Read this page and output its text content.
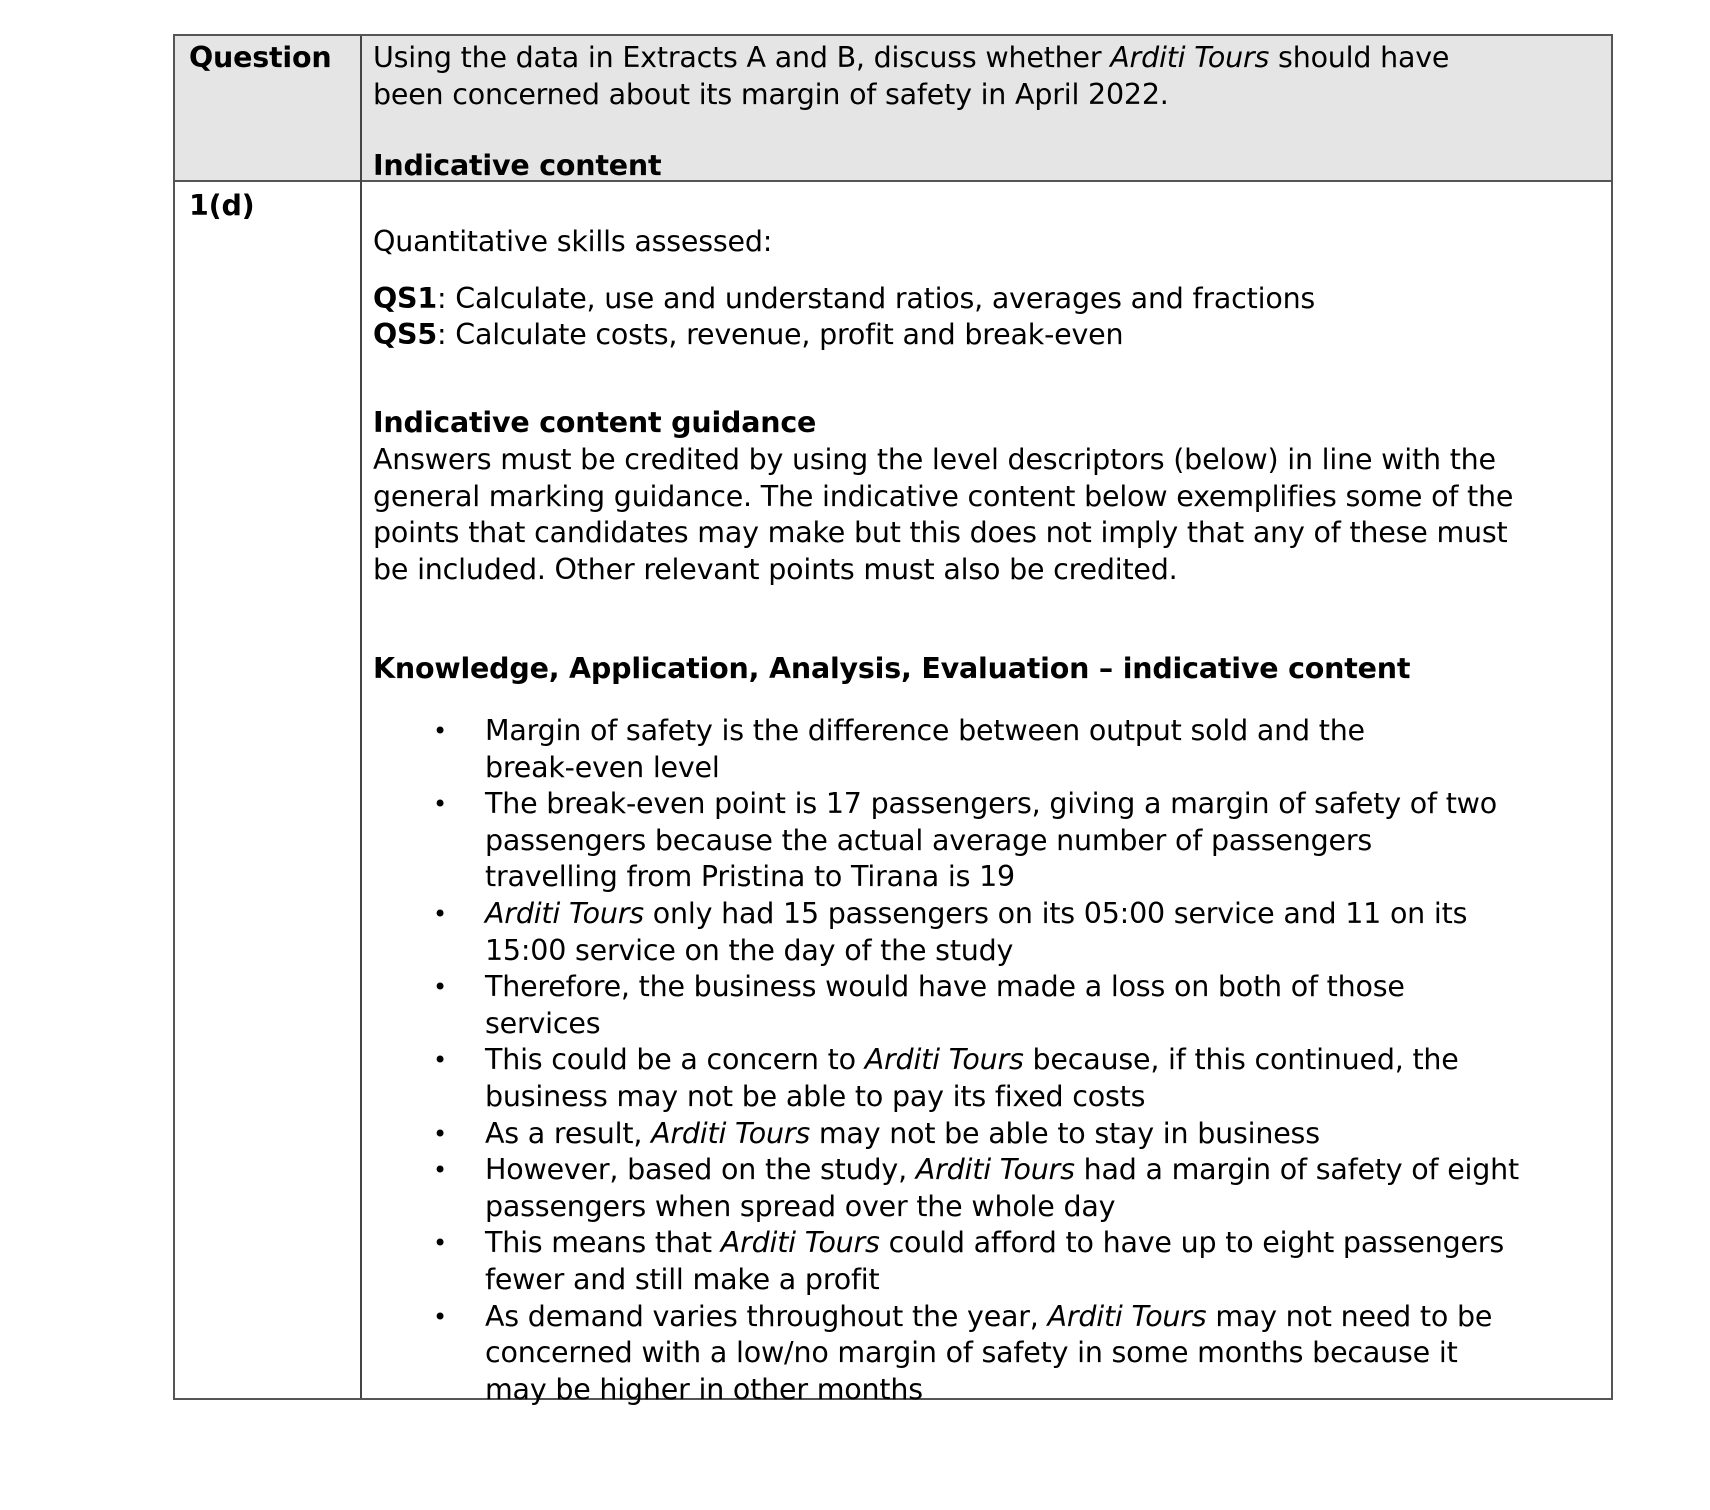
Question Using the data in Extracts A and B, discuss whether Arditi Tours should have
been concerned about its margin of safety in April 2022.
Indicative content
1(d)
Quantitative skills assessed:
QS1: Calculate, use and understand ratios, averages and fractions
QS5: Calculate costs, revenue, profit and break-even
Indicative content guidance
Answers must be credited by using the level descriptors (below) in line with the
general marking guidance. The indicative content below exemplifies some of the
points that candidates may make but this does not imply that any of these must
be included. Other relevant points must also be credited.
Knowledge, Application, Analysis, Evaluation – indicative content
• Margin of safety is the difference between output sold and the
break-even level
• The break-even point is 17 passengers, giving a margin of safety of two
passengers because the actual average number of passengers
travelling from Pristina to Tirana is 19
• Arditi Tours only had 15 passengers on its 05:00 service and 11 on its
15:00 service on the day of the study
• Therefore, the business would have made a loss on both of those
services
• This could be a concern to Arditi Tours because, if this continued, the
business may not be able to pay its fixed costs
• As a result, Arditi Tours may not be able to stay in business
• However, based on the study, Arditi Tours had a margin of safety of eight
passengers when spread over the whole day
• This means that Arditi Tours could afford to have up to eight passengers
fewer and still make a profit
• As demand varies throughout the year, Arditi Tours may not need to be
concerned with a low/no margin of safety in some months because it
may be higher in other months
